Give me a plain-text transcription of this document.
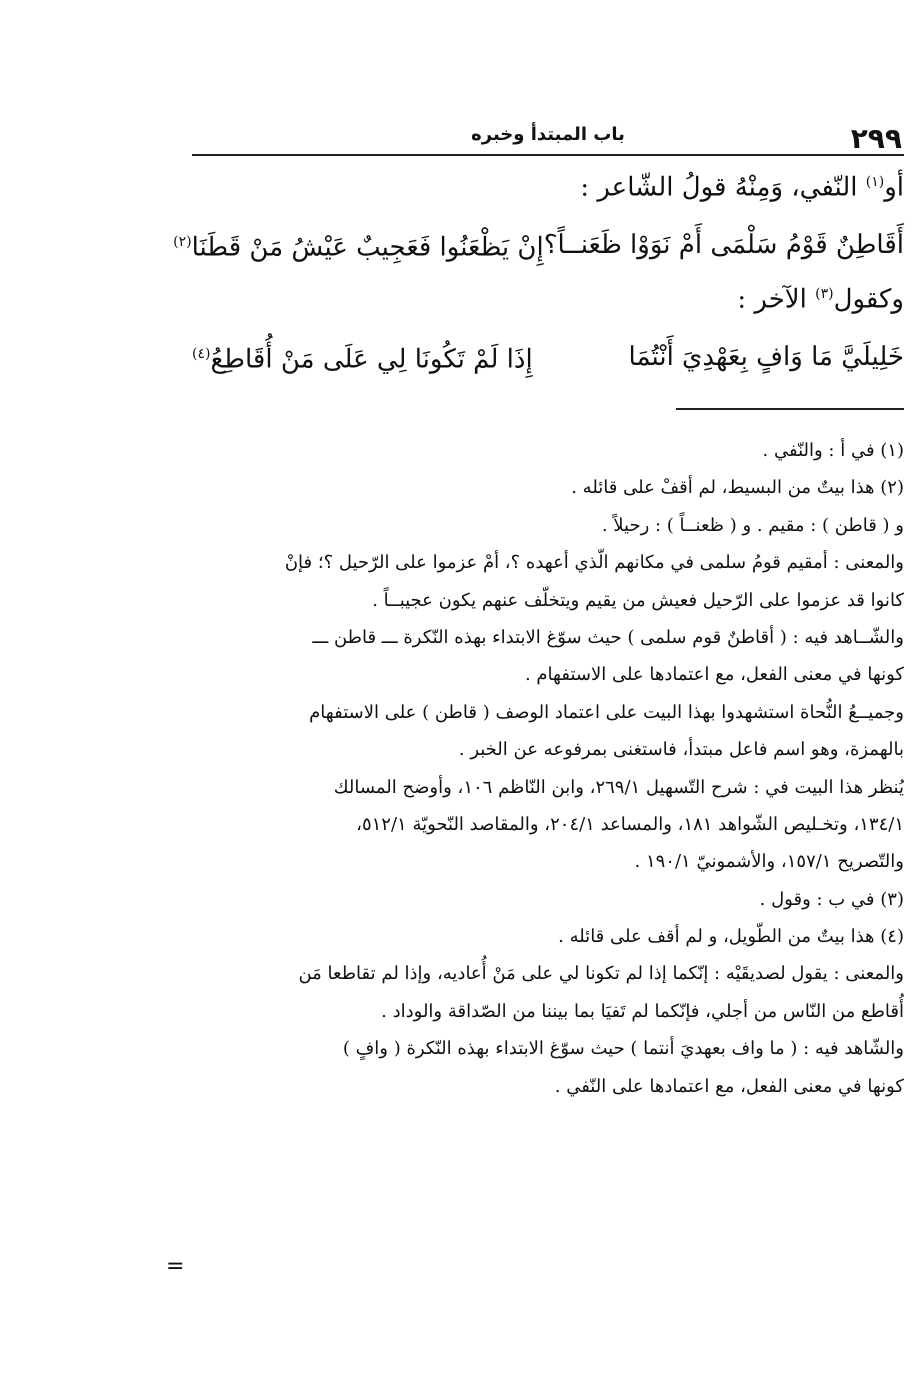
٢٩٩
باب المبتدأ وخبره
أو$^{(١)}$ النّفي، وَمِنْهُ قولُ الشّاعر :
أَقَاطِنٌ قَوْمُ سَلْمَى أَمْ نَوَوْا ظَعَنــاً؟
إِنْ يَظْعَنُوا فَعَجِيبٌ عَيْشُ مَنْ قَطَنَا$^{(٢)}$
وكقول$^{(٣)}$ الآخر :
خَلِيلَيَّ مَا وَافٍ بِعَهْدِيَ أَنْتُمَا
إِذَا لَمْ تَكُونَا لِي عَلَى مَنْ أُقَاطِعُ$^{(٤)}$
(١) في أ : والنّفي .
(٢) هذا بيتٌ من البسيط، لم أقفْ على قائله .
و ( قاطن ) : مقيم . و ( ظعنــاً ) : رحيلاً .
والمعنى : أمقيم قومُ سلمى في مكانهم الّذي أعهده ؟، أمْ عزموا على الرّحيل ؟؛ فإنْ
كانوا قد عزموا على الرّحيل فعيش من يقيم ويتخلّف عنهم يكون عجيبــاً .
والشّــاهد فيه : ( أقاطنٌ قوم سلمى ) حيث سوّغ الابتداء بهذه النّكرة ـــ قاطن ـــ
كونها في معنى الفعل، مع اعتمادها على الاستفهام .
وجميــعُ النُّحاة استشهدوا بهذا البيت على اعتماد الوصف ( قاطن ) على الاستفهام
بالهمزة، وهو اسم فاعل مبتدأ، فاستغنى بمرفوعه عن الخبر .
يُنظر هذا البيت في : شرح التّسهيل ٢٦٩/١، وابن النّاظم ١٠٦، وأوضح المسالك
١٣٤/١، وتخـليص الشّواهد ١٨١، والمساعد ٢٠٤/١، والمقاصد النّحويّة ٥١٢/١،
والتّصريح ١٥٧/١، والأشمونيّ ١٩٠/١ .
(٣) في ب : وقول .
(٤) هذا بيتٌ من الطّويل، و لم أقف على قائله .
والمعنى : يقول لصديقَيْه : إنّكما إذا لم تكونا لي على مَنْ أُعاديه، وإذا لم تقاطعا مَن
أُقاطع من النّاس من أجلي، فإنّكما لم تَفيَا بما بيننا من الصّداقة والوداد .
والشّاهد فيه : ( ما واف بعهديَ أنتما ) حيث سوّغ الابتداء بهذه النّكرة ( وافٍ )
كونها في معنى الفعل، مع اعتمادها على النّفي .
=
